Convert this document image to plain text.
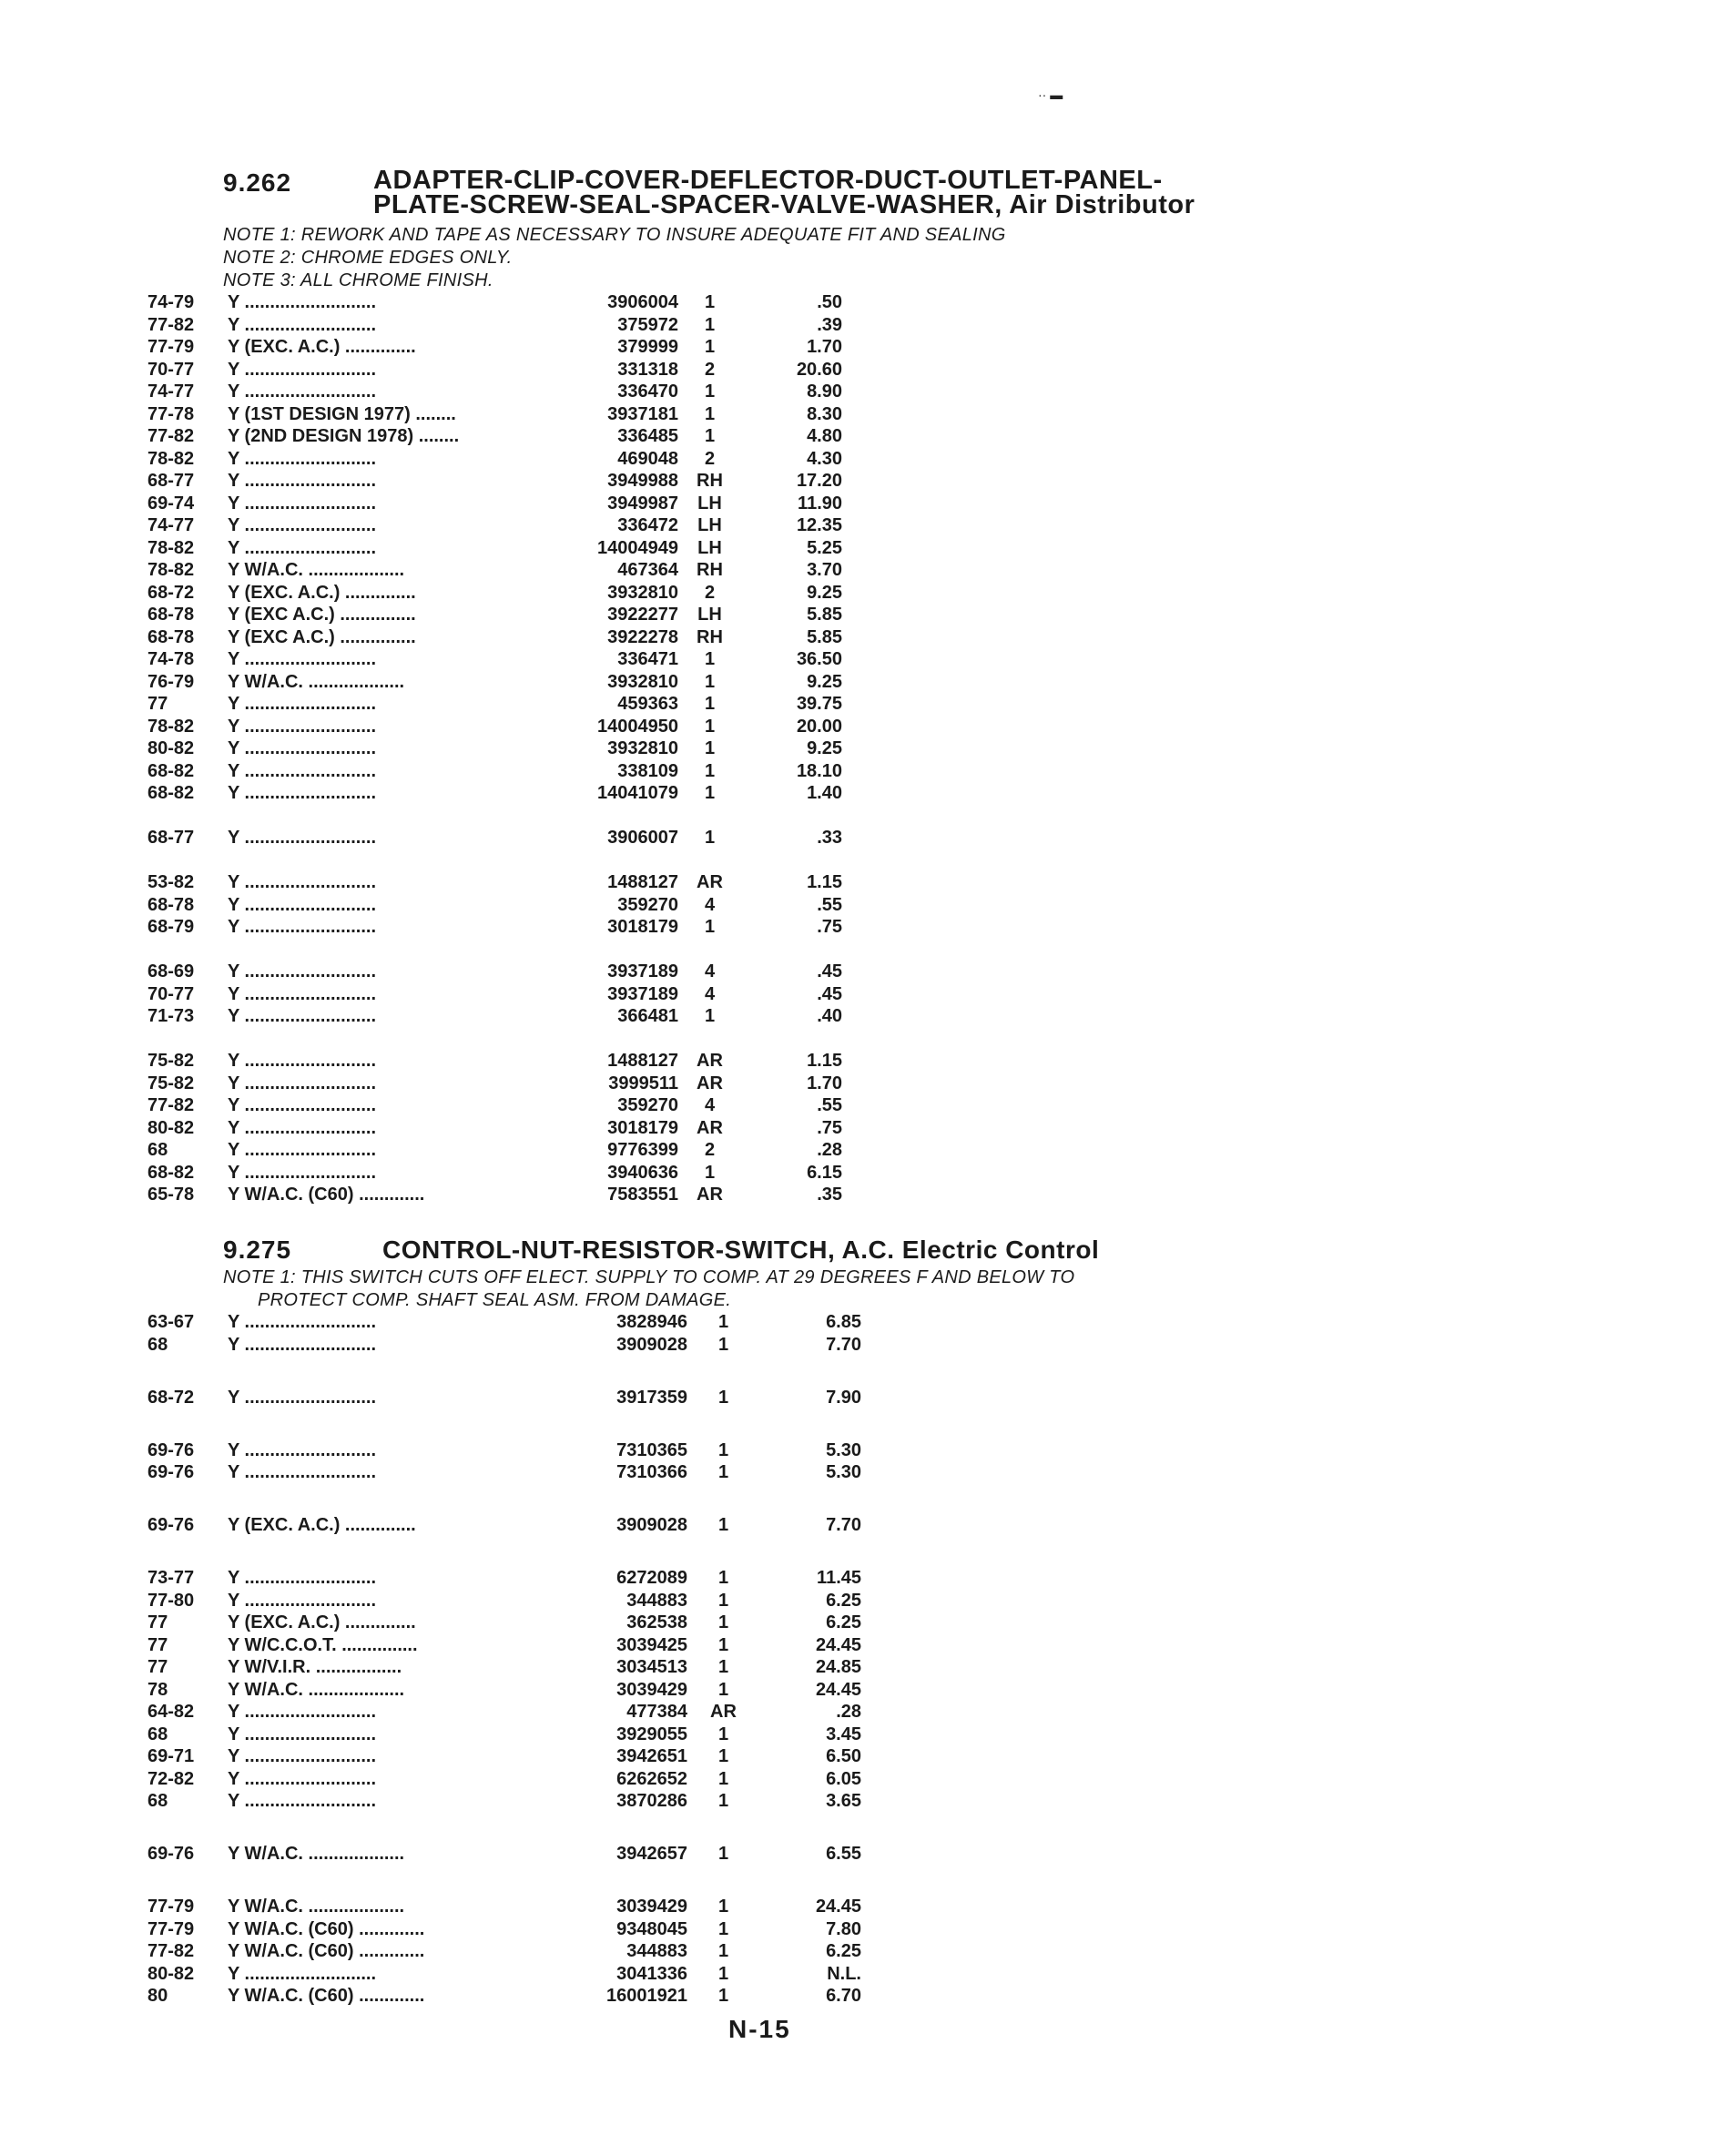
·· ▬
9.262	ADAPTER-CLIP-COVER-DEFLECTOR-DUCT-OUTLET-PANEL-
PLATE-SCREW-SEAL-SPACER-VALVE-WASHER, Air Distributor
NOTE 1: REWORK AND TAPE AS NECESSARY TO INSURE ADEQUATE FIT AND SEALING
NOTE 2: CHROME EDGES ONLY.
NOTE 3: ALL CHROME FINISH.
74-79 Y ..........................	3906004	1	.50
77-82 Y ..........................	375972	1	.39
77-79 Y (EXC. A.C.) ..............	379999	1	1.70
70-77 Y ..........................	331318	2	20.60
74-77 Y ..........................	336470	1	8.90
77-78 Y (1ST DESIGN 1977) ........	3937181	1	8.30
77-82 Y (2ND DESIGN 1978) ........	336485	1	4.80
78-82 Y ..........................	469048	2	4.30
68-77 Y ..........................	3949988	RH	17.20
69-74 Y ..........................	3949987	LH	11.90
74-77 Y ..........................	336472	LH	12.35
78-82 Y ..........................	14004949	LH	5.25
78-82 Y W/A.C. ...................	467364	RH	3.70
68-72 Y (EXC. A.C.) ..............	3932810	2	9.25
68-78 Y (EXC A.C.) ...............	3922277	LH	5.85
68-78 Y (EXC A.C.) ...............	3922278	RH	5.85
74-78 Y ..........................	336471	1	36.50
76-79 Y W/A.C. ...................	3932810	1	9.25
77	Y ..........................	459363	1	39.75
78-82 Y ..........................	14004950	1	20.00
80-82 Y ..........................	3932810	1	9.25
68-82 Y ..........................	338109	1	18.10
68-82 Y ..........................	14041079	1	1.40
68-77 Y ..........................	3906007	1	.33
53-82 Y ..........................	1488127	AR	1.15
68-78 Y ..........................	359270	4	.55
68-79 Y ..........................	3018179	1	.75
68-69 Y ..........................	3937189	4	.45
70-77 Y ..........................	3937189	4	.45
71-73 Y ..........................	366481	1	.40
75-82 Y ..........................	1488127	AR	1.15
75-82 Y ..........................	3999511	AR	1.70
77-82 Y ..........................	359270	4	.55
80-82 Y ..........................	3018179	AR	.75
68	Y ..........................	9776399	2	.28
68-82 Y ..........................	3940636	1	6.15
65-78 Y W/A.C. (C60) .............	7583551	AR	.35
9.275	CONTROL-NUT-RESISTOR-SWITCH, A.C. Electric Control
NOTE 1: THIS SWITCH CUTS OFF ELECT. SUPPLY TO COMP. AT 29 DEGREES F AND BELOW TO
PROTECT COMP. SHAFT SEAL ASM. FROM DAMAGE.
63-67 Y ..........................	3828946	1	6.85
68	Y ..........................	3909028	1	7.70
68-72 Y ..........................	3917359	1	7.90
69-76 Y ..........................	7310365	1	5.30
69-76 Y ..........................	7310366	1	5.30
69-76 Y (EXC. A.C.) ..............	3909028	1	7.70
73-77 Y ..........................	6272089	1	11.45
77-80 Y ..........................	344883	1	6.25
77	Y (EXC. A.C.) ..............	362538	1	6.25
77	Y W/C.C.O.T. ...............	3039425	1	24.45
77	Y W/V.I.R. .................	3034513	1	24.85
78	Y W/A.C. ...................	3039429	1	24.45
64-82 Y ..........................	477384	AR	.28
68	Y ..........................	3929055	1	3.45
69-71 Y ..........................	3942651	1	6.50
72-82 Y ..........................	6262652	1	6.05
68	Y ..........................	3870286	1	3.65
69-76 Y W/A.C. ...................	3942657	1	6.55
77-79 Y W/A.C. ...................	3039429	1	24.45
77-79 Y W/A.C. (C60) .............	9348045	1	7.80
77-82 Y W/A.C. (C60) .............	344883	1	6.25
80-82 Y ..........................	3041336	1	N.L.
80	Y W/A.C. (C60) .............	16001921	1	6.70
N-15
